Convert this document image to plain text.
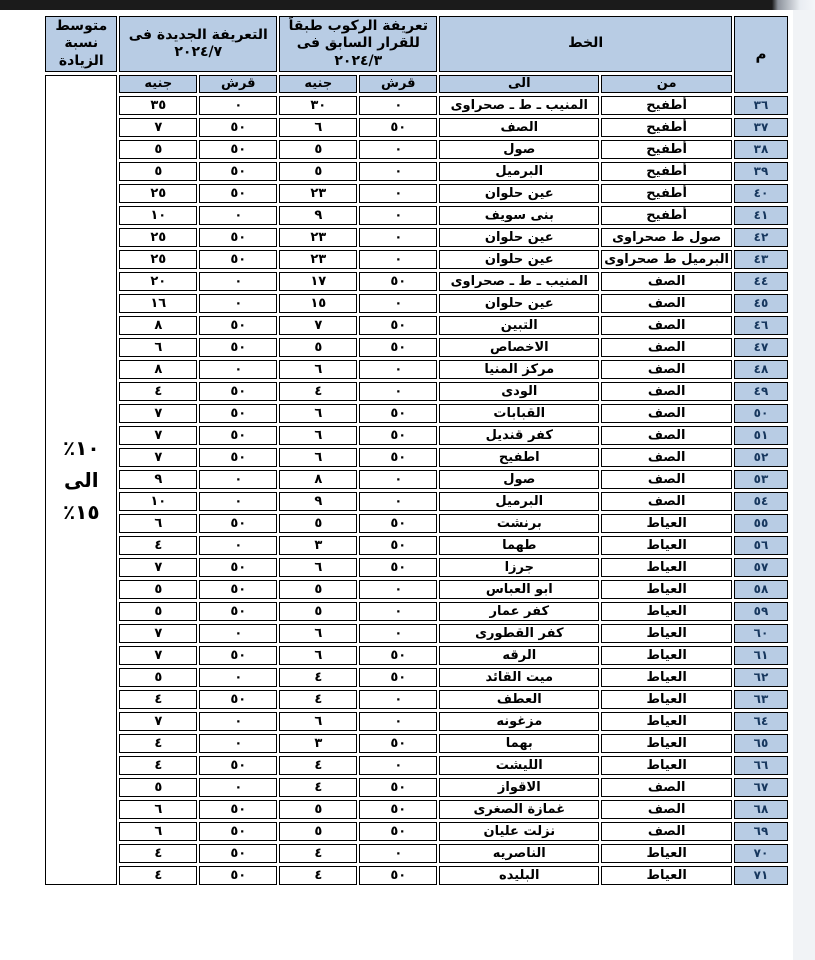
م	الخط		تعريفة الركوب طبقاً للقرار السابق فى ٢٠٢٤/٣		التعريفة الجديدة فى ٢٠٢٤/٧		متوسط نسبة الزيادة
	من	الى	قرش	جنيه	قرش	جنيه	١٠٪
الى
١٥٪

٣٦	أطفيح	المنيب ـ ط ـ صحراوى	٠	٣٠	٠	٣٥	
٣٧	أطفيح	الصف	٥٠	٦	٥٠	٧	
٣٨	أطفيح	صول	٠	٥	٥٠	٥	
٣٩	أطفيح	البرميل	٠	٥	٥٠	٥	
٤٠	أطفيح	عين حلوان	٠	٢٣	٥٠	٢٥	
٤١	أطفيح	بنى سويف	٠	٩	٠	١٠	
٤٢	صول ط صحراوى	عين حلوان	٠	٢٣	٥٠	٢٥	
٤٣	البرميل ط صحراوى	عين حلوان	٠	٢٣	٥٠	٢٥	
٤٤	الصف	المنيب ـ ط ـ صحراوى	٥٠	١٧	٠	٢٠	
٤٥	الصف	عين حلوان	٠	١٥	٠	١٦	
٤٦	الصف	التبين	٥٠	٧	٥٠	٨	
٤٧	الصف	الاخصاص	٥٠	٥	٥٠	٦	
٤٨	الصف	مركز المنيا	٠	٦	٠	٨	
٤٩	الصف	الودى	٠	٤	٥٠	٤	
٥٠	الصف	القبابات	٥٠	٦	٥٠	٧	
٥١	الصف	كفر قنديل	٥٠	٦	٥٠	٧	
٥٢	الصف	اطفيح	٥٠	٦	٥٠	٧	
٥٣	الصف	صول	٠	٨	٠	٩	
٥٤	الصف	البرميل	٠	٩	٠	١٠	
٥٥	العياط	برنشت	٥٠	٥	٥٠	٦	
٥٦	العياط	طهما	٥٠	٣	٠	٤	
٥٧	العياط	جرزا	٥٠	٦	٥٠	٧	
٥٨	العياط	ابو العباس	٠	٥	٥٠	٥	
٥٩	العياط	كفر عمار	٠	٥	٥٠	٥	
٦٠	العياط	كفر القطورى	٠	٦	٠	٧	
٦١	العياط	الرقه	٥٠	٦	٥٠	٧	
٦٢	العياط	ميت القائد	٥٠	٤	٠	٥	
٦٣	العياط	العطف	٠	٤	٥٠	٤	
٦٤	العياط	مزغونه	٠	٦	٠	٧	
٦٥	العياط	بهما	٥٠	٣	٠	٤	
٦٦	العياط	الليشت	٠	٤	٥٠	٤	
٦٧	الصف	الاقواز	٥٠	٤	٠	٥	
٦٨	الصف	غمازة الصغرى	٥٠	٥	٥٠	٦	
٦٩	الصف	نزلت عليان	٥٠	٥	٥٠	٦	
٧٠	العياط	الناصريه	٠	٤	٥٠	٤	
٧١	العياط	البليده	٥٠	٤	٥٠	٤	
